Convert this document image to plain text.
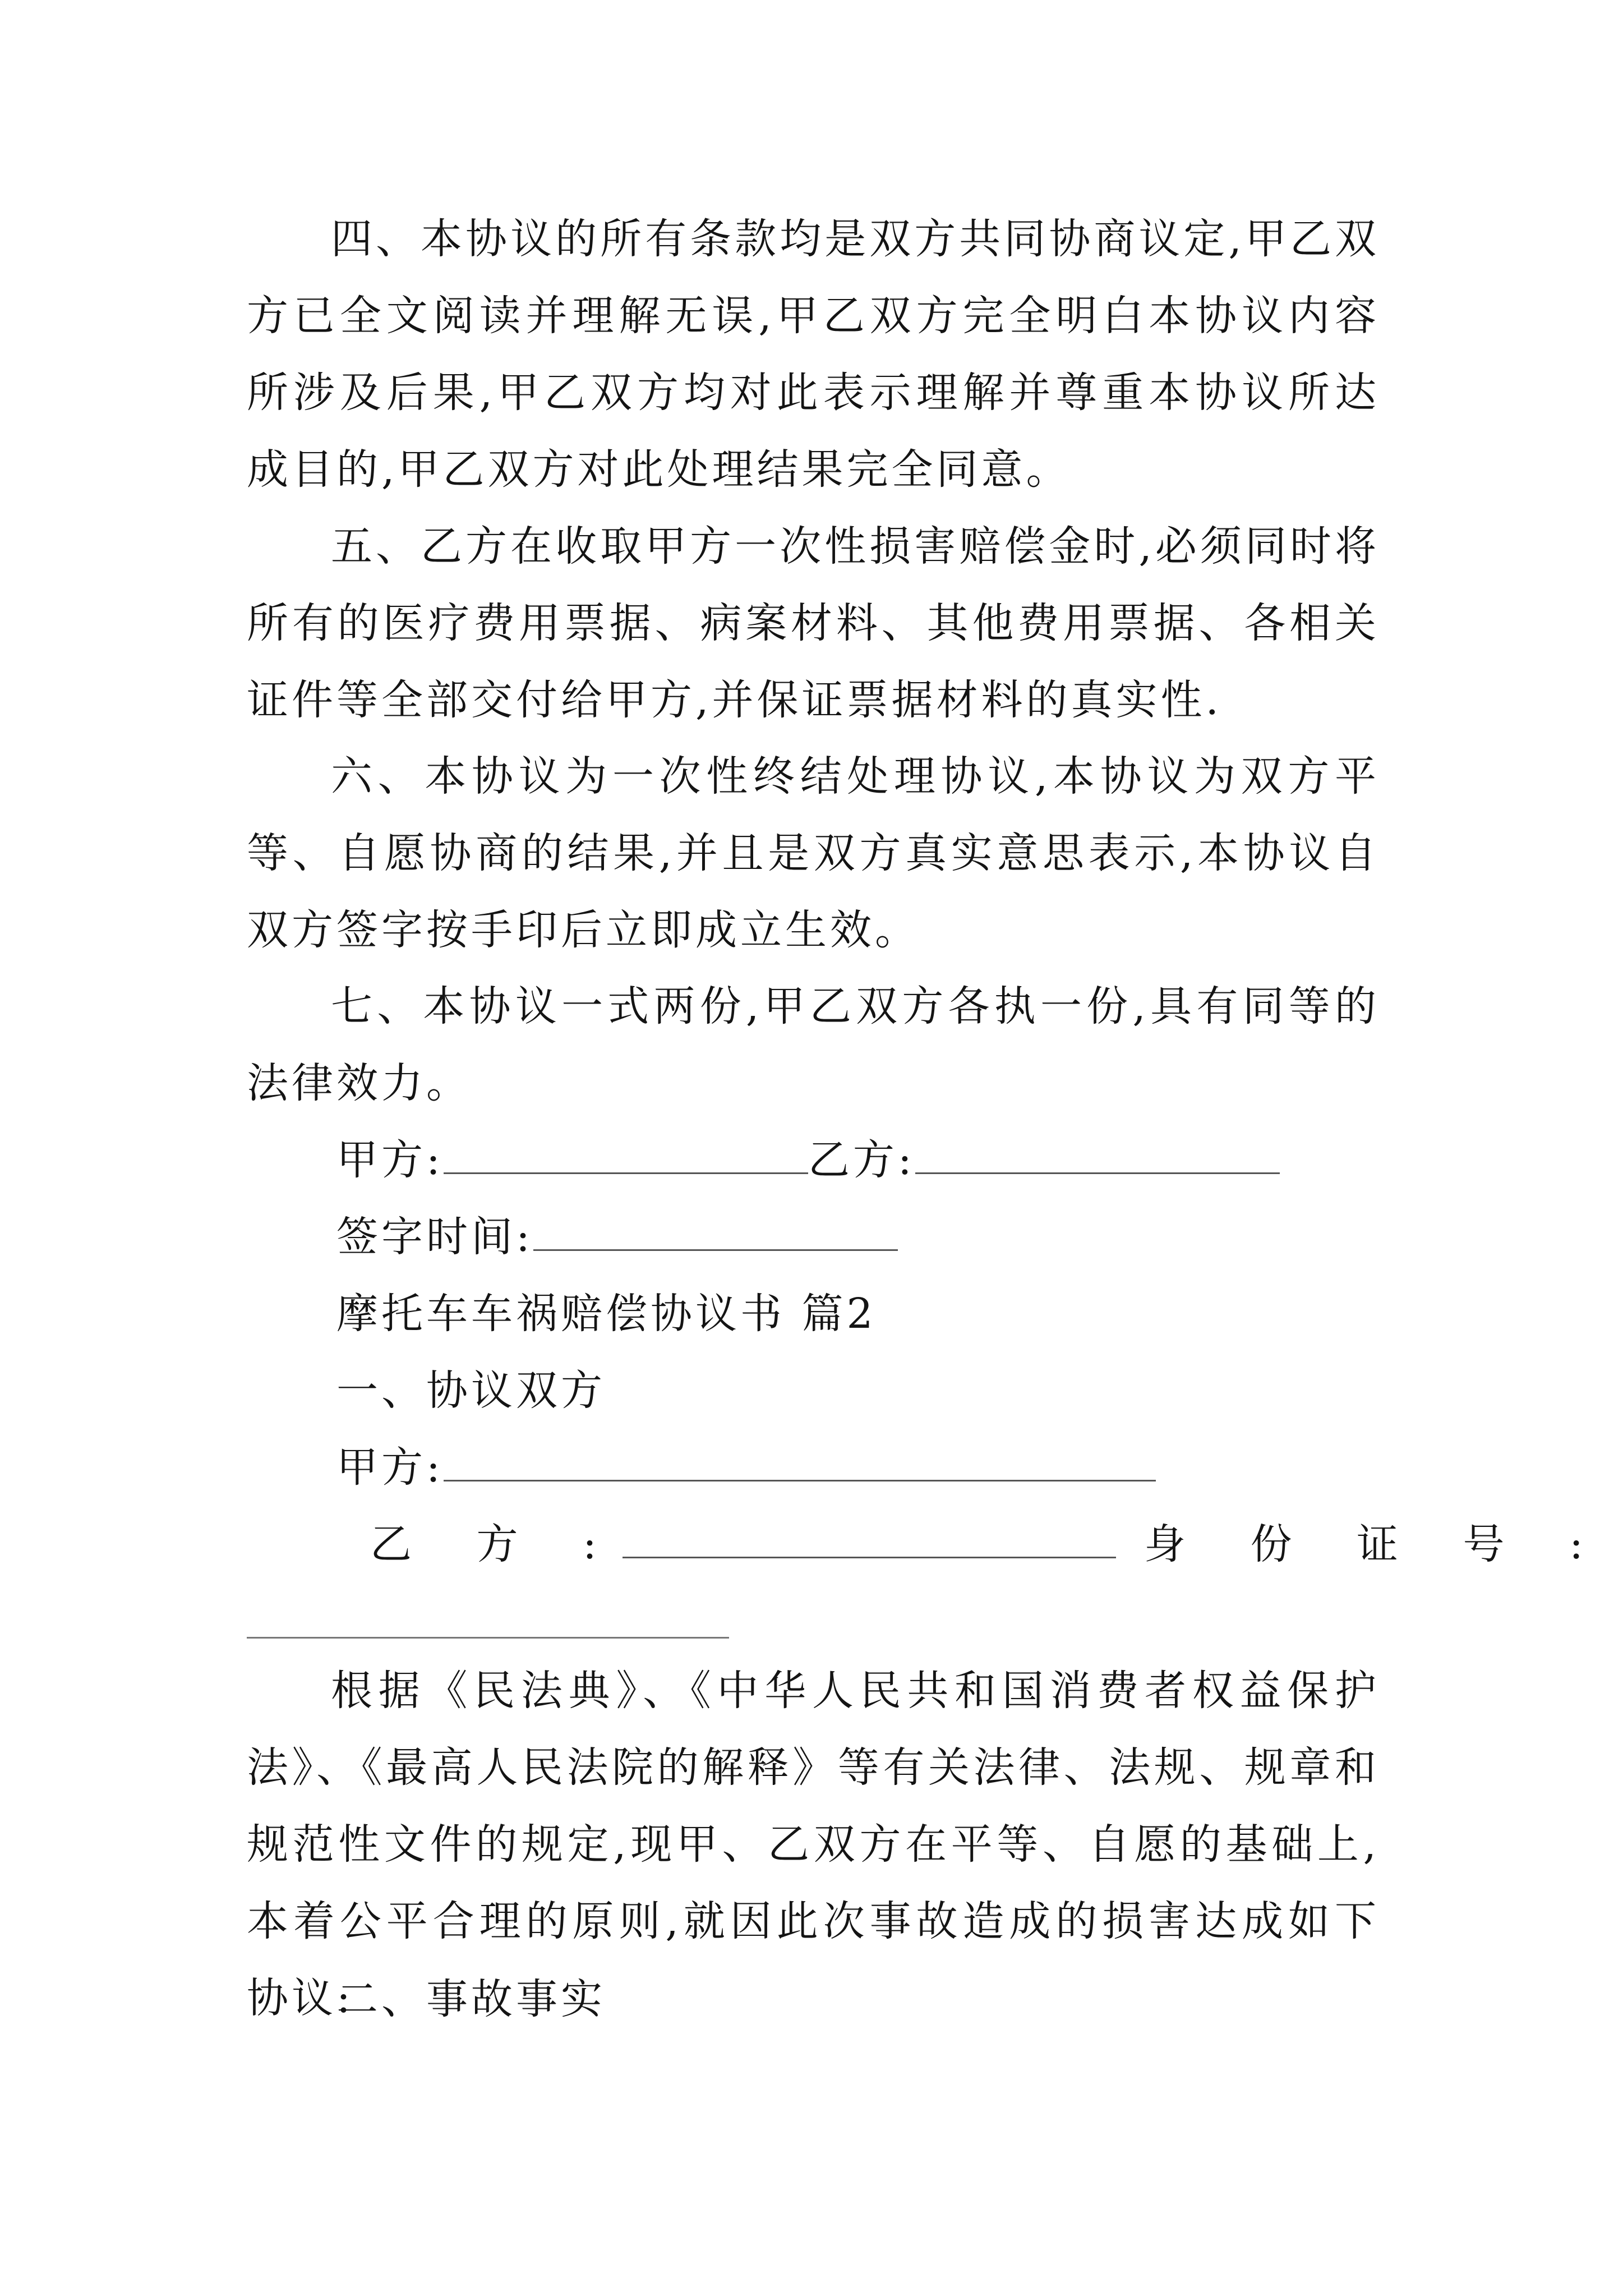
四、本协议的所有条款均是双方共同协商议定,甲乙双方已全文阅读并理解无误,甲乙双方完全明白本协议内容所涉及后果,甲乙双方均对此表示理解并尊重本协议所达成目的,甲乙双方对此处理结果完全同意。

五、乙方在收取甲方一次性损害赔偿金时,必须同时将所有的医疗费用票据、病案材料、其他费用票据、各相关证件等全部交付给甲方,并保证票据材料的真实性.

六、本协议为一次性终结处理协议,本协议为双方平等、自愿协商的结果,并且是双方真实意思表示,本协议自双方签字按手印后立即成立生效。

七、本协议一式两份,甲乙双方各执一份,具有同等的法律效力。

甲方:	乙方:
签字时间:
摩托车车祸赔偿协议书 篇2
一、协议双方
甲方:
乙 方 :	身 份 证 号 :

根据《民法典》、《中华人民共和国消费者权益保护法》、《最高人民法院的解释》等有关法律、法规、规章和规范性文件的规定,现甲、乙双方在平等、自愿的基础上,本着公平合理的原则,就因此次事故造成的损害达成如下协议:

二、事故事实
